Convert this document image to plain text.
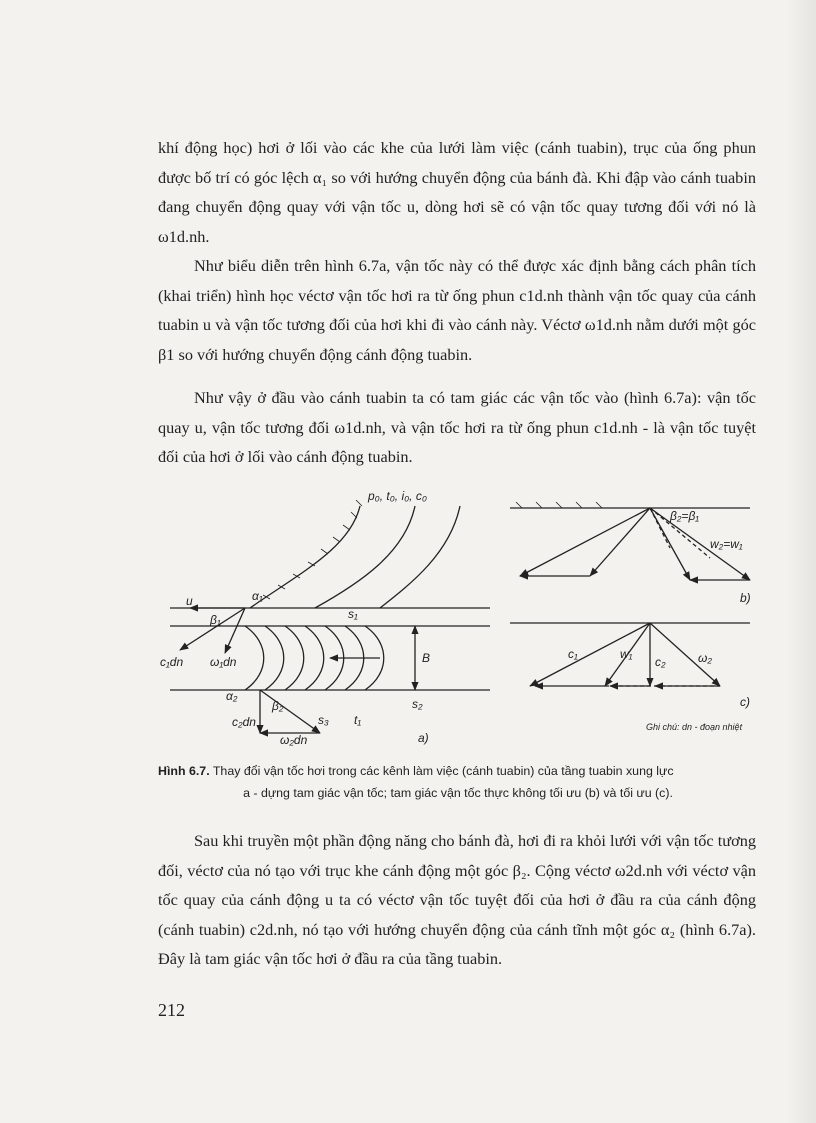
khí động học) hơi ở lối vào các khe của lưới làm việc (cánh tuabin), trục của ống phun được bố trí có góc lệch α₁ so với hướng chuyển động của bánh đà. Khi đập vào cánh tuabin đang chuyển động quay với vận tốc u, dòng hơi sẽ có vận tốc quay tương đối với nó là ω1d.nh.

Như biểu diễn trên hình 6.7a, vận tốc này có thể được xác định bằng cách phân tích (khai triển) hình học véctơ vận tốc hơi ra từ ống phun c1d.nh thành vận tốc quay của cánh tuabin u và vận tốc tương đối của hơi khi đi vào cánh này. Véctơ ω1d.nh nằm dưới một góc β1 so với hướng chuyển động cánh động tuabin.

Như vậy ở đầu vào cánh tuabin ta có tam giác các vận tốc vào (hình 6.7a): vận tốc quay u, vận tốc tương đối ω1d.nh, và vận tốc hơi ra từ ống phun c1d.nh - là vận tốc tuyệt đối của hơi ở lối vào cánh động tuabin.

p₀, t₀, i₀, c₀
u	α₁
β₁
c₁dn ω₁dn
α₂
β₂
c₂dn
ω₂dn
s₁
s₂
s₃ t₁
B
a)
b)
c)
β₂=β₁
w₂=w₁
c₁
c₂
w₁	ω₂
Ghi chú: dn - đoạn nhiệt

Hình 6.7. Thay đổi vận tốc hơi trong các kênh làm việc (cánh tuabin) của tầng tuabin xung lực
a - dựng tam giác vận tốc; tam giác vận tốc thực không tối ưu (b) và tối ưu (c).

Sau khi truyền một phần động năng cho bánh đà, hơi đi ra khỏi lưới với vận tốc tương đối, véctơ của nó tạo với trục khe cánh động một góc β₂. Cộng véctơ ω2d.nh với véctơ vận tốc quay của cánh động u ta có véctơ vận tốc tuyệt đối của hơi ở đầu ra của cánh động (cánh tuabin) c2d.nh, nó tạo với hướng chuyển động của cánh tĩnh một góc α₂ (hình 6.7a). Đây là tam giác vận tốc hơi ở đầu ra của tầng tuabin.

212
